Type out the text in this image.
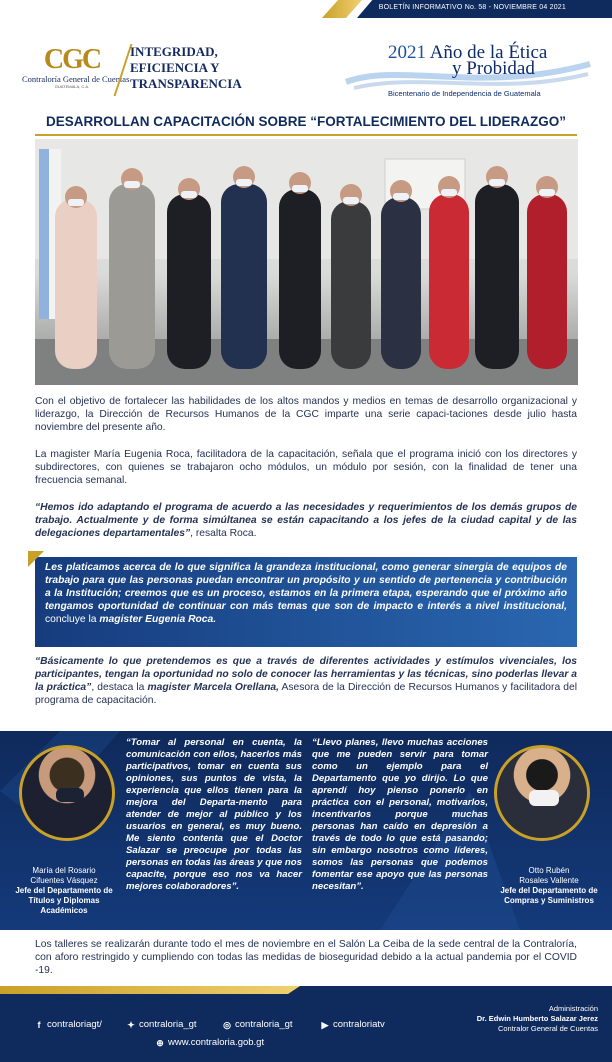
BOLETÍN INFORMATIVO No. 58 - NOVIEMBRE 04 2021
CGC
Contraloría General de Cuentas
GUATEMALA, C.A.
INTEGRIDAD,
EFICIENCIA Y
TRANSPARENCIA
2021 Año de la Ética
y Probidad
Bicentenario de Independencia de Guatemala
DESARROLLAN CAPACITACIÓN SOBRE “FORTALECIMIENTO DEL LIDERAZGO”

Con el objetivo de fortalecer las habilidades de los altos mandos y medios en temas de desarrollo organizacional y liderazgo, la Dirección de Recursos Humanos de la CGC imparte una serie capaci-taciones desde julio hasta noviembre del presente año.

La magister María Eugenia Roca, facilitadora de la capacitación, señala que el programa inició con los directores y subdirectores, con quienes se trabajaron ocho módulos, un módulo por sesión, con la finalidad de tener una frecuencia semanal.

“Hemos ido adaptando el programa de acuerdo a las necesidades y requerimientos de los demás grupos de trabajo. Actualmente y de forma simúltanea se están capacitando a los jefes de la ciudad capital y de las delegaciones departamentales”, resalta Roca.

Les platicamos acerca de lo que significa la grandeza institucional, como generar sinergia de equipos de trabajo para que las personas puedan encontrar un propósito y un sentido de pertenencia y contribución a la Institución; creemos que es un proceso, estamos en la primera etapa, esperando que el próximo año tengamos oportunidad de continuar con más temas que son de impacto e interés a nivel institucional, concluye la magister Eugenia Roca.

“Básicamente lo que pretendemos es que a través de diferentes actividades y estímulos vivenciales, los participantes, tengan la oportunidad no solo de conocer las herramientas y las técnicas, sino poderlas llevar a la práctica”, destaca la magister Marcela Orellana, Asesora de la Dirección de Recursos Humanos y facilitadora del programa de capacitación.

María del Rosario
Cifuentes Vásquez
Jefe del Departamento de
Títulos y Diplomas
Académicos
“Tomar al personal en cuenta, la comunicación con ellos, hacerlos más participativos, tomar en cuenta sus opiniones, sus puntos de vista, la experiencia que ellos tienen para la mejora del Departa-mento para atender de mejor al público y los usuarios en general, es muy bueno. Me siento contenta que el Doctor Salazar se preocupe por todas las personas en todas las áreas y que nos capacite, porque eso nos va hacer mejores colaboradores”.
“Llevo planes, llevo muchas acciones que me pueden servir para tomar como un ejemplo para el Departamento que yo dirijo. Lo que aprendí hoy pienso ponerlo en práctica con el personal, motivarlos, incentivarlos porque muchas personas han caído en depresión a través de todo lo que está pasando; sin embargo nosotros como líderes, somos las personas que podemos fomentar ese apoyo que las personas necesitan”.
Otto Rubén
Rosales Vallente
Jefe del Departamento de
Compras y Suministros

Los talleres se realizarán durante todo el mes de noviembre en el Salón La Ceiba de la sede central de la Contraloría, con aforo restringido y cumpliendo con todas las medidas de bioseguridad debido a la actual pandemia por el COVID -19.

f contraloriagt/	✦ contraloria_gt	◎ contraloria_gt	▶ contraloriatv
⊕ www.contraloria.gob.gt
Administración
Dr. Edwin Humberto Salazar Jerez
Contralor General de Cuentas
